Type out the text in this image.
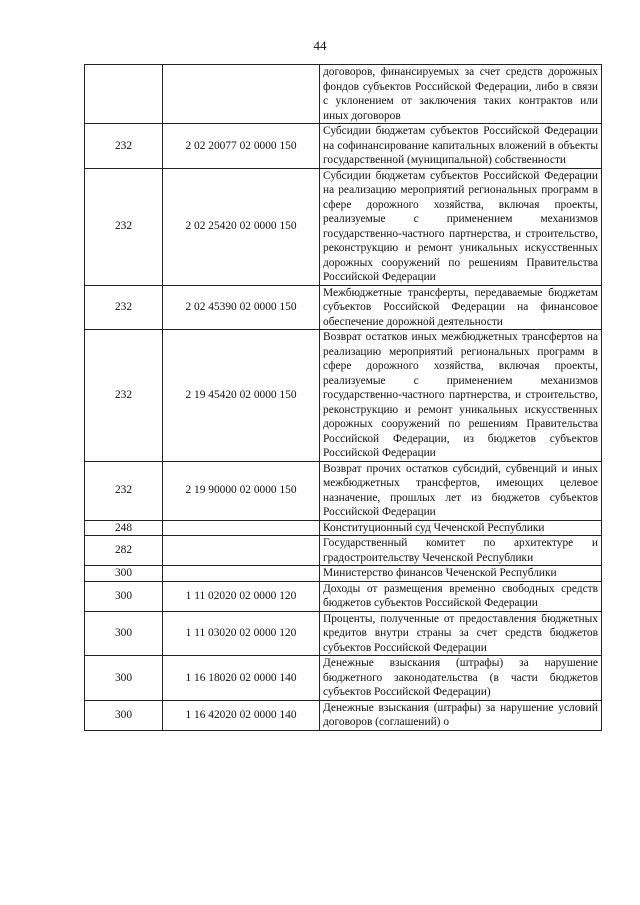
44
		договоров, финансируемых за счет средств дорожных фондов субъектов Российской Федерации, либо в связи с уклонением от заключения таких контрактов или иных договоров
232	2 02 20077 02 0000 150	Субсидии бюджетам субъектов Российской Федерации на софинансирование капитальных вложений в объекты государственной (муниципальной) собственности
232	2 02 25420 02 0000 150	Субсидии бюджетам субъектов Российской Федерации на реализацию мероприятий региональных программ в сфере дорожного хозяйства, включая проекты, реализуемые с применением механизмов государственно-частного партнерства, и строительство, реконструкцию и ремонт уникальных искусственных дорожных сооружений по решениям Правительства Российской Федерации
232	2 02 45390 02 0000 150	Межбюджетные трансферты, передаваемые бюджетам субъектов Российской Федерации на финансовое обеспечение дорожной деятельности
232	2 19 45420 02 0000 150	Возврат остатков иных межбюджетных трансфертов на реализацию мероприятий региональных программ в сфере дорожного хозяйства, включая проекты, реализуемые с применением механизмов государственно-частного партнерства, и строительство, реконструкцию и ремонт уникальных искусственных дорожных сооружений по решениям Правительства Российской Федерации, из бюджетов субъектов Российской Федерации
232	2 19 90000 02 0000 150	Возврат прочих остатков субсидий, субвенций и иных межбюджетных трансфертов, имеющих целевое назначение, прошлых лет из бюджетов субъектов Российской Федерации
248		Конституционный суд Чеченской Республики
282		Государственный комитет по архитектуре и градостроительству Чеченской Республики
300		Министерство финансов Чеченской Республики
300	1 11 02020 02 0000 120	Доходы от размещения временно свободных средств бюджетов субъектов Российской Федерации
300	1 11 03020 02 0000 120	Проценты, полученные от предоставления бюджетных кредитов внутри страны за счет средств бюджетов субъектов Российской Федерации
300	1 16 18020 02 0000 140	Денежные взыскания (штрафы) за нарушение бюджетного законодательства (в части бюджетов субъектов Российской Федерации)
300	1 16 42020 02 0000 140	Денежные взыскания (штрафы) за нарушение условий договоров (соглашений) о
